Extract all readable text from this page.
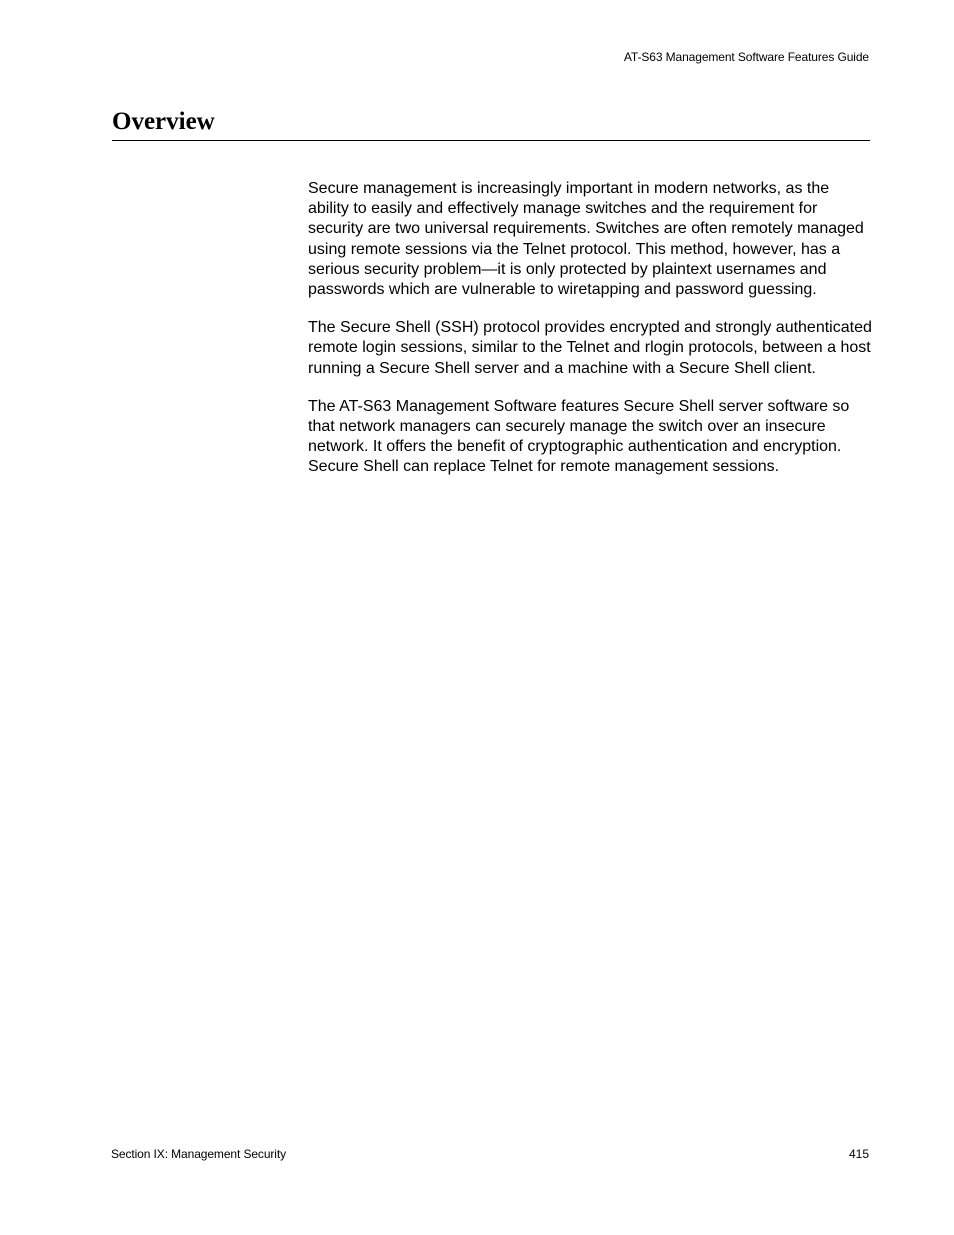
AT-S63 Management Software Features Guide
Overview

Secure management is increasingly important in modern networks, as the ability to easily and effectively manage switches and the requirement for security are two universal requirements. Switches are often remotely managed using remote sessions via the Telnet protocol. This method, however, has a serious security problem—it is only protected by plaintext usernames and passwords which are vulnerable to wiretapping and password guessing.

The Secure Shell (SSH) protocol provides encrypted and strongly authenticated remote login sessions, similar to the Telnet and rlogin protocols, between a host running a Secure Shell server and a machine with a Secure Shell client.

The AT-S63 Management Software features Secure Shell server software so that network managers can securely manage the switch over an insecure network. It offers the benefit of cryptographic authentication and encryption. Secure Shell can replace Telnet for remote management sessions.

Section IX: Management Security	415
